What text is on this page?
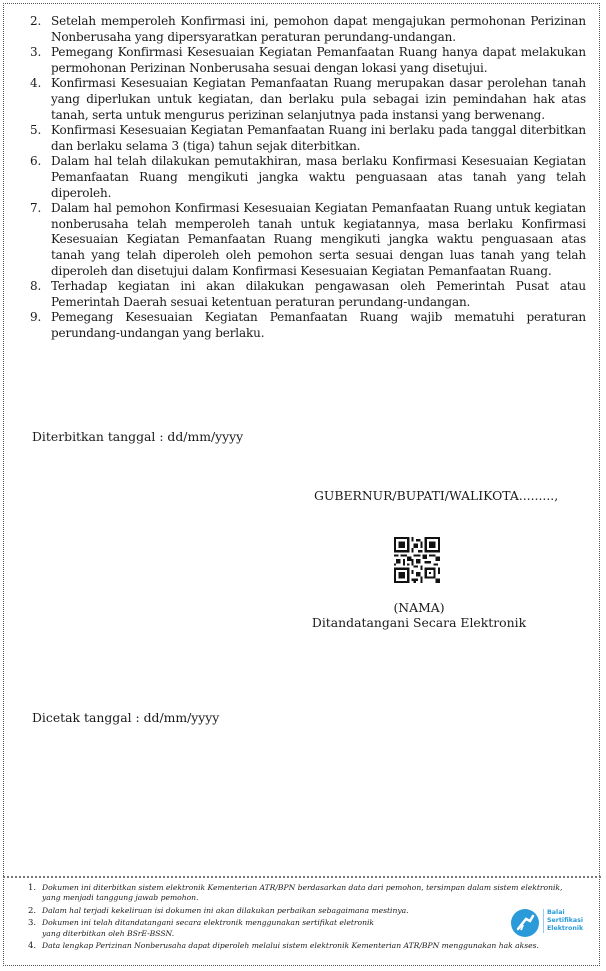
2. Setelah memperoleh Konfirmasi ini, pemohon dapat mengajukan permohonan Perizinan Nonberusaha yang dipersyaratkan peraturan perundang-undangan.
3. Pemegang Konfirmasi Kesesuaian Kegiatan Pemanfaatan Ruang hanya dapat melakukan permohonan Perizinan Nonberusaha sesuai dengan lokasi yang disetujui.
4. Konfirmasi Kesesuaian Kegiatan Pemanfaatan Ruang merupakan dasar perolehan tanah yang diperlukan untuk kegiatan, dan berlaku pula sebagai izin pemindahan hak atas tanah, serta untuk mengurus perizinan selanjutnya pada instansi yang berwenang.
5. Konfirmasi Kesesuaian Kegiatan Pemanfaatan Ruang ini berlaku pada tanggal diterbitkan dan berlaku selama 3 (tiga) tahun sejak diterbitkan.
6. Dalam hal telah dilakukan pemutakhiran, masa berlaku Konfirmasi Kesesuaian Kegiatan Pemanfaatan Ruang mengikuti jangka waktu penguasaan atas tanah yang telah diperoleh.
7. Dalam hal pemohon Konfirmasi Kesesuaian Kegiatan Pemanfaatan Ruang untuk kegiatan nonberusaha telah memperoleh tanah untuk kegiatannya, masa berlaku Konfirmasi Kesesuaian Kegiatan Pemanfaatan Ruang mengikuti jangka waktu penguasaan atas tanah yang telah diperoleh oleh pemohon serta sesuai dengan luas tanah yang telah diperoleh dan disetujui dalam Konfirmasi Kesesuaian Kegiatan Pemanfaatan Ruang.
8. Terhadap kegiatan ini akan dilakukan pengawasan oleh Pemerintah Pusat atau Pemerintah Daerah sesuai ketentuan peraturan perundang-undangan.
9. Pemegang Kesesuaian Kegiatan Pemanfaatan Ruang wajib mematuhi peraturan perundang-undangan yang berlaku.
Diterbitkan tanggal : dd/mm/yyyy
GUBERNUR/BUPATI/WALIKOTA.........,
(NAMA)
Ditandatangani Secara Elektronik
Dicetak tanggal : dd/mm/yyyy
1. Dokumen ini diterbitkan sistem elektronik Kementerian ATR/BPN berdasarkan data dari pemohon, tersimpan dalam sistem elektronik, yang menjadi tanggung jawab pemohon.
2. Dalam hal terjadi kekeliruan isi dokumen ini akan dilakukan perbaikan sebagaimana mestinya.
3. Dokumen ini telah ditandatangani secara elektronik menggunakan sertifikat eletronik yang diterbitkan oleh BSrE-BSSN.
4. Data lengkap Perizinan Nonberusaha dapat diperoleh melalui sistem elektronik Kementerian ATR/BPN menggunakan hak akses.
Balai
Sertifikasi
Elektronik
